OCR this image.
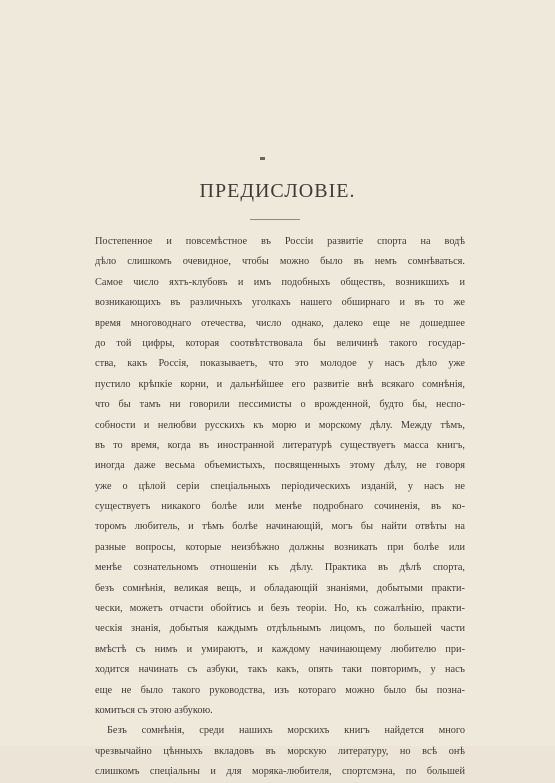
ПРЕДИСЛОВІЕ.
Постепенное и повсемѣстное въ Россіи развитіе спорта на водѣ
дѣло слишкомъ очевидное, чтобы можно было въ немъ сомнѣваться.
Самое число яхтъ-клубовъ и имъ подобныхъ обществъ, возникшихъ и
возникающихъ въ различныхъ уголкахъ нашего обширнаго и въ то же
время многоводнаго отечества, число однако, далеко еще не дошедшее
до той цифры, которая соотвѣтствовала бы величинѣ такого государ-
ства, какъ Россія, показываетъ, что это молодое у насъ дѣло уже
пустило крѣпкіе корни, и дальнѣйшее его развитіе внѣ всякаго сомнѣнія,
что бы тамъ ни говорили пессимисты о врожденной, будто бы, неспо-
собности и нелюбви русскихъ къ морю и морскому дѣлу. Между тѣмъ,
въ то время, когда въ иностранной литературѣ существуетъ масса книгъ,
иногда даже весьма объемистыхъ, посвященныхъ этому дѣлу, не говоря
уже о цѣлой серіи спеціальныхъ періодическихъ изданій, у насъ не
существуетъ никакого болѣе или менѣе подробнаго сочиненія, въ ко-
торомъ любитель, и тѣмъ болѣе начинающій, могъ бы найти отвѣты на
разные вопросы, которые неизбѣжно должны возникать при болѣе или
менѣе сознательномъ отношеніи къ дѣлу. Практика въ дѣлѣ спорта,
безъ сомнѣнія, великая вещь, и обладающій знаніями, добытыми практи-
чески, можетъ отчасти обойтись и безъ теоріи. Но, къ сожалѣнію, практи-
ческія знанія, добытыя каждымъ отдѣльнымъ лицомъ, по большей части
вмѣстѣ съ нимъ и умираютъ, и каждому начинающему любителю при-
ходится начинать съ азбуки, такъ какъ, опять таки повторимъ, у насъ
еще не было такого руководства, изъ котораго можно было бы позна-
комиться съ этою азбукою.
Безъ сомнѣнія, среди нашихъ морскихъ книгъ найдется много
чрезвычайно цѣнныхъ вкладовъ въ морскую литературу, но всѣ онѣ
слишкомъ спеціальны и для моряка-любителя, спортсмэна, по большей
